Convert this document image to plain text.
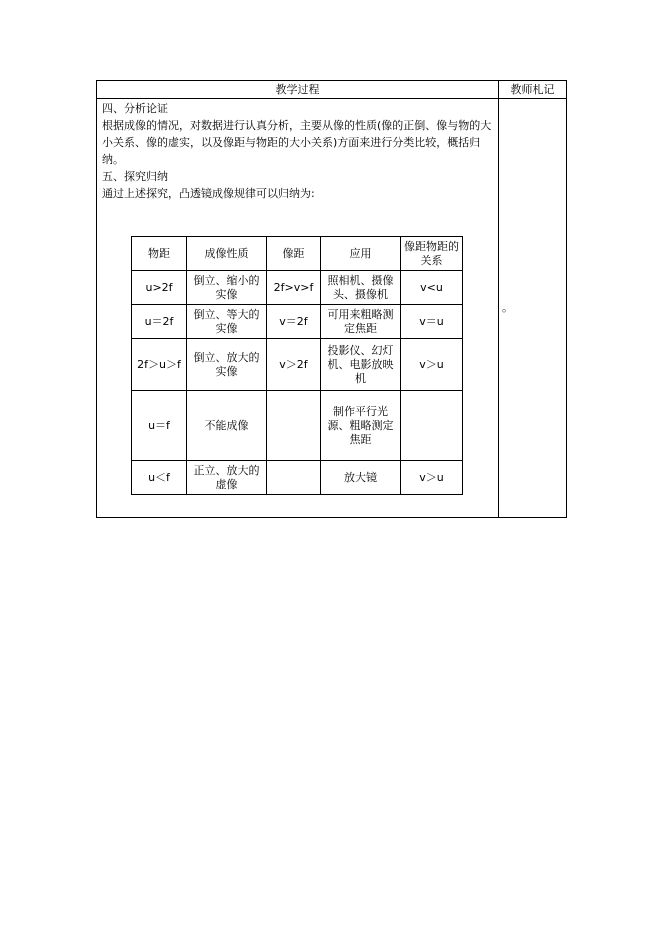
教学过程	教师札记

四、分析论证

根据成像的情况，对数据进行认真分析，主要从像的性质(像的正倒、像与物的大小关系、像的虚实，以及像距与物距的大小关系)方面来进行分类比较，概括归纳。

五、探究归纳

通过上述探究，凸透镜成像规律可以归纳为:

物距	成像性质	像距	应用	像距物距的关系
u>2f	倒立、缩小的实像	2f>v>f	照相机、摄像头、摄像机	v<u
u＝2f	倒立、等大的实像	v＝2f	可用来粗略测定焦距	v＝u
2f＞u＞f	倒立、放大的实像	v＞2f	投影仪、幻灯机、电影放映机	v＞u
u＝f	不能成像		制作平行光源、粗略测定焦距	
u＜f	正立、放大的虚像		放大镜	v＞u
。
